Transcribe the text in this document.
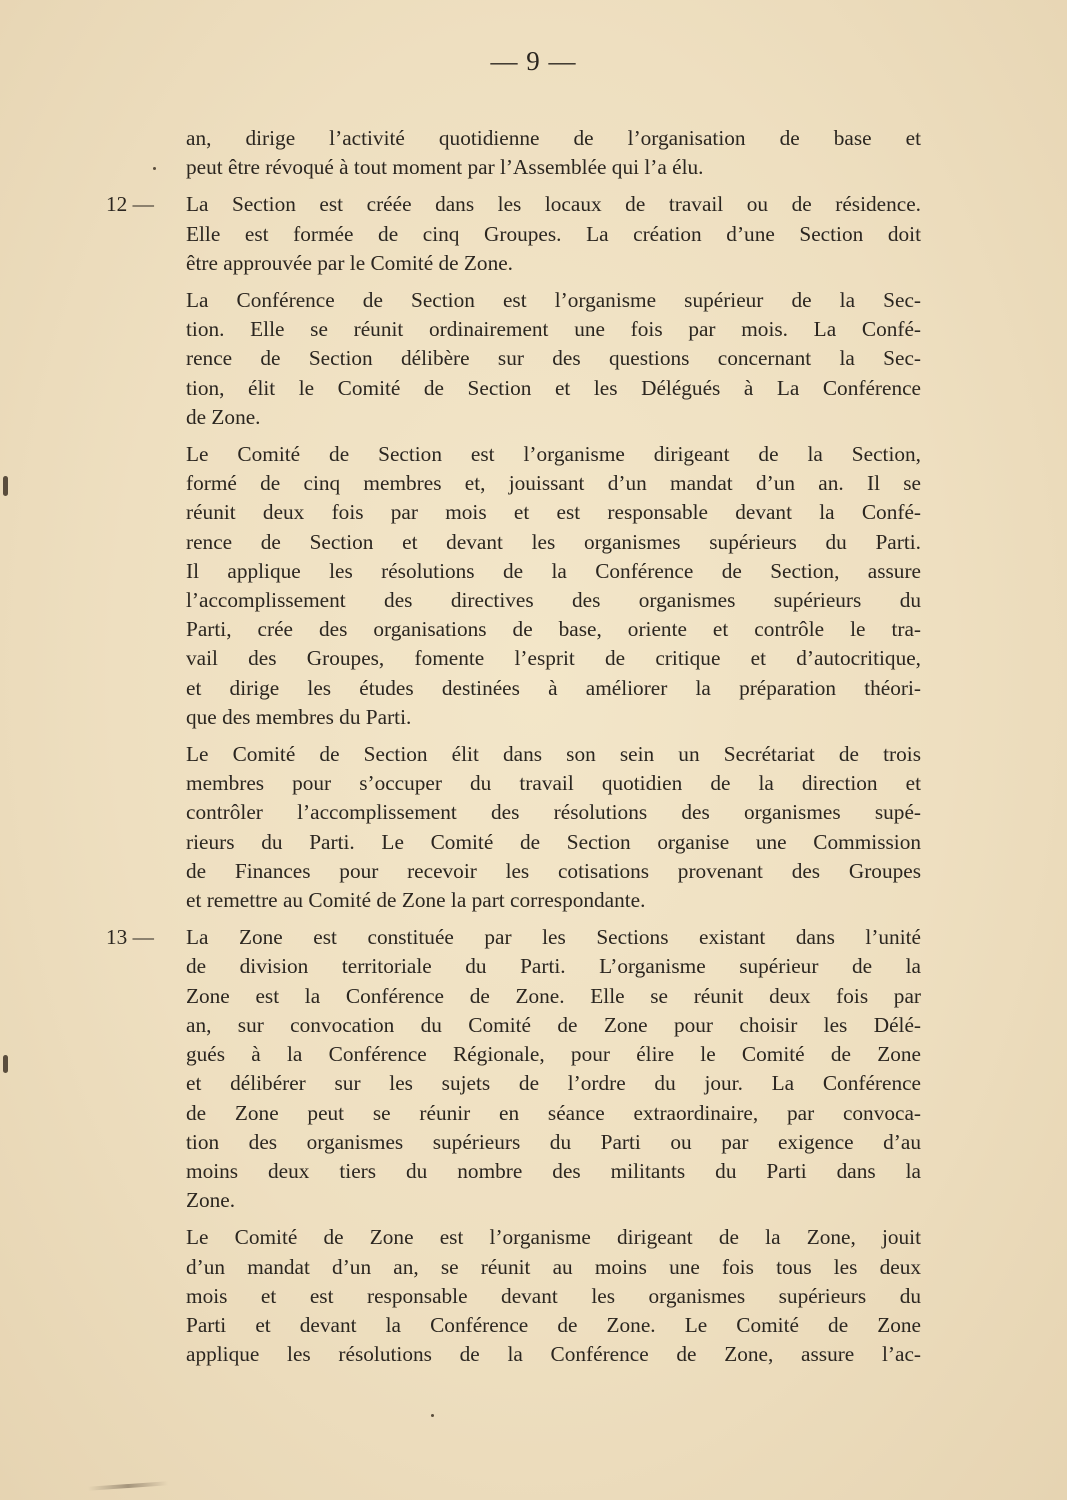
— 9 —
an, dirige l’activité quotidienne de l’organisation de base et
peut être révoqué à tout moment par l’Assemblée qui l’a élu.
12 — La Section est créée dans les locaux de travail ou de résidence.
Elle est formée de cinq Groupes. La création d’une Section doit
être approuvée par le Comité de Zone.
La Conférence de Section est l’organisme supérieur de la Sec-
tion. Elle se réunit ordinairement une fois par mois. La Confé-
rence de Section délibère sur des questions concernant la Sec-
tion, élit le Comité de Section et les Délégués à La Conférence
de Zone.
Le Comité de Section est l’organisme dirigeant de la Section,
formé de cinq membres et, jouissant d’un mandat d’un an. Il se
réunit deux fois par mois et est responsable devant la Confé-
rence de Section et devant les organismes supérieurs du Parti.
Il applique les résolutions de la Conférence de Section, assure
l’accomplissement des directives des organismes supérieurs du
Parti, crée des organisations de base, oriente et contrôle le tra-
vail des Groupes, fomente l’esprit de critique et d’autocritique,
et dirige les études destinées à améliorer la préparation théori-
que des membres du Parti.
Le Comité de Section élit dans son sein un Secrétariat de trois
membres pour s’occuper du travail quotidien de la direction et
contrôler l’accomplissement des résolutions des organismes supé-
rieurs du Parti. Le Comité de Section organise une Commission
de Finances pour recevoir les cotisations provenant des Groupes
et remettre au Comité de Zone la part correspondante.
13 — La Zone est constituée par les Sections existant dans l’unité
de division territoriale du Parti. L’organisme supérieur de la
Zone est la Conférence de Zone. Elle se réunit deux fois par
an, sur convocation du Comité de Zone pour choisir les Délé-
gués à la Conférence Régionale, pour élire le Comité de Zone
et délibérer sur les sujets de l’ordre du jour. La Conférence
de Zone peut se réunir en séance extraordinaire, par convoca-
tion des organismes supérieurs du Parti ou par exigence d’au
moins deux tiers du nombre des militants du Parti dans la
Zone.
Le Comité de Zone est l’organisme dirigeant de la Zone, jouit
d’un mandat d’un an, se réunit au moins une fois tous les deux
mois et est responsable devant les organismes supérieurs du
Parti et devant la Conférence de Zone. Le Comité de Zone
applique les résolutions de la Conférence de Zone, assure l’ac-
